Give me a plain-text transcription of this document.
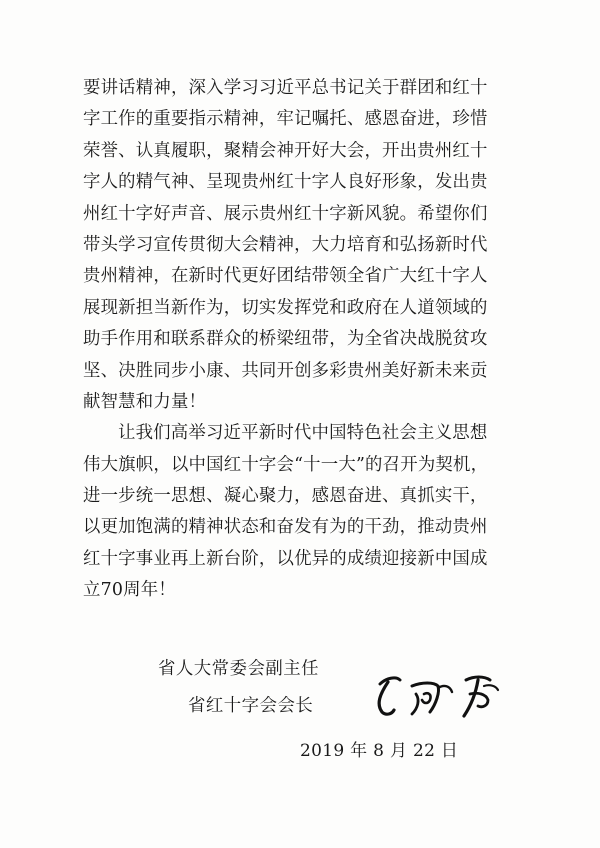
要讲话精神，深入学习习近平总书记关于群团和红十
字工作的重要指示精神，牢记嘱托、感恩奋进，珍惜
荣誉、认真履职，聚精会神开好大会，开出贵州红十
字人的精气神、呈现贵州红十字人良好形象，发出贵
州红十字好声音、展示贵州红十字新风貌。希望你们
带头学习宣传贯彻大会精神，大力培育和弘扬新时代
贵州精神，在新时代更好团结带领全省广大红十字人
展现新担当新作为，切实发挥党和政府在人道领域的
助手作用和联系群众的桥梁纽带，为全省决战脱贫攻
坚、决胜同步小康、共同开创多彩贵州美好新未来贡
献智慧和力量！
让我们高举习近平新时代中国特色社会主义思想
伟大旗帜，以中国红十字会“十一大”的召开为契机，
进一步统一思想、凝心聚力，感恩奋进、真抓实干，
以更加饱满的精神状态和奋发有为的干劲，推动贵州
红十字事业再上新台阶，以优异的成绩迎接新中国成
立70周年！
省人大常委会副主任
省红十字会会长
2019 年 8 月 22 日
